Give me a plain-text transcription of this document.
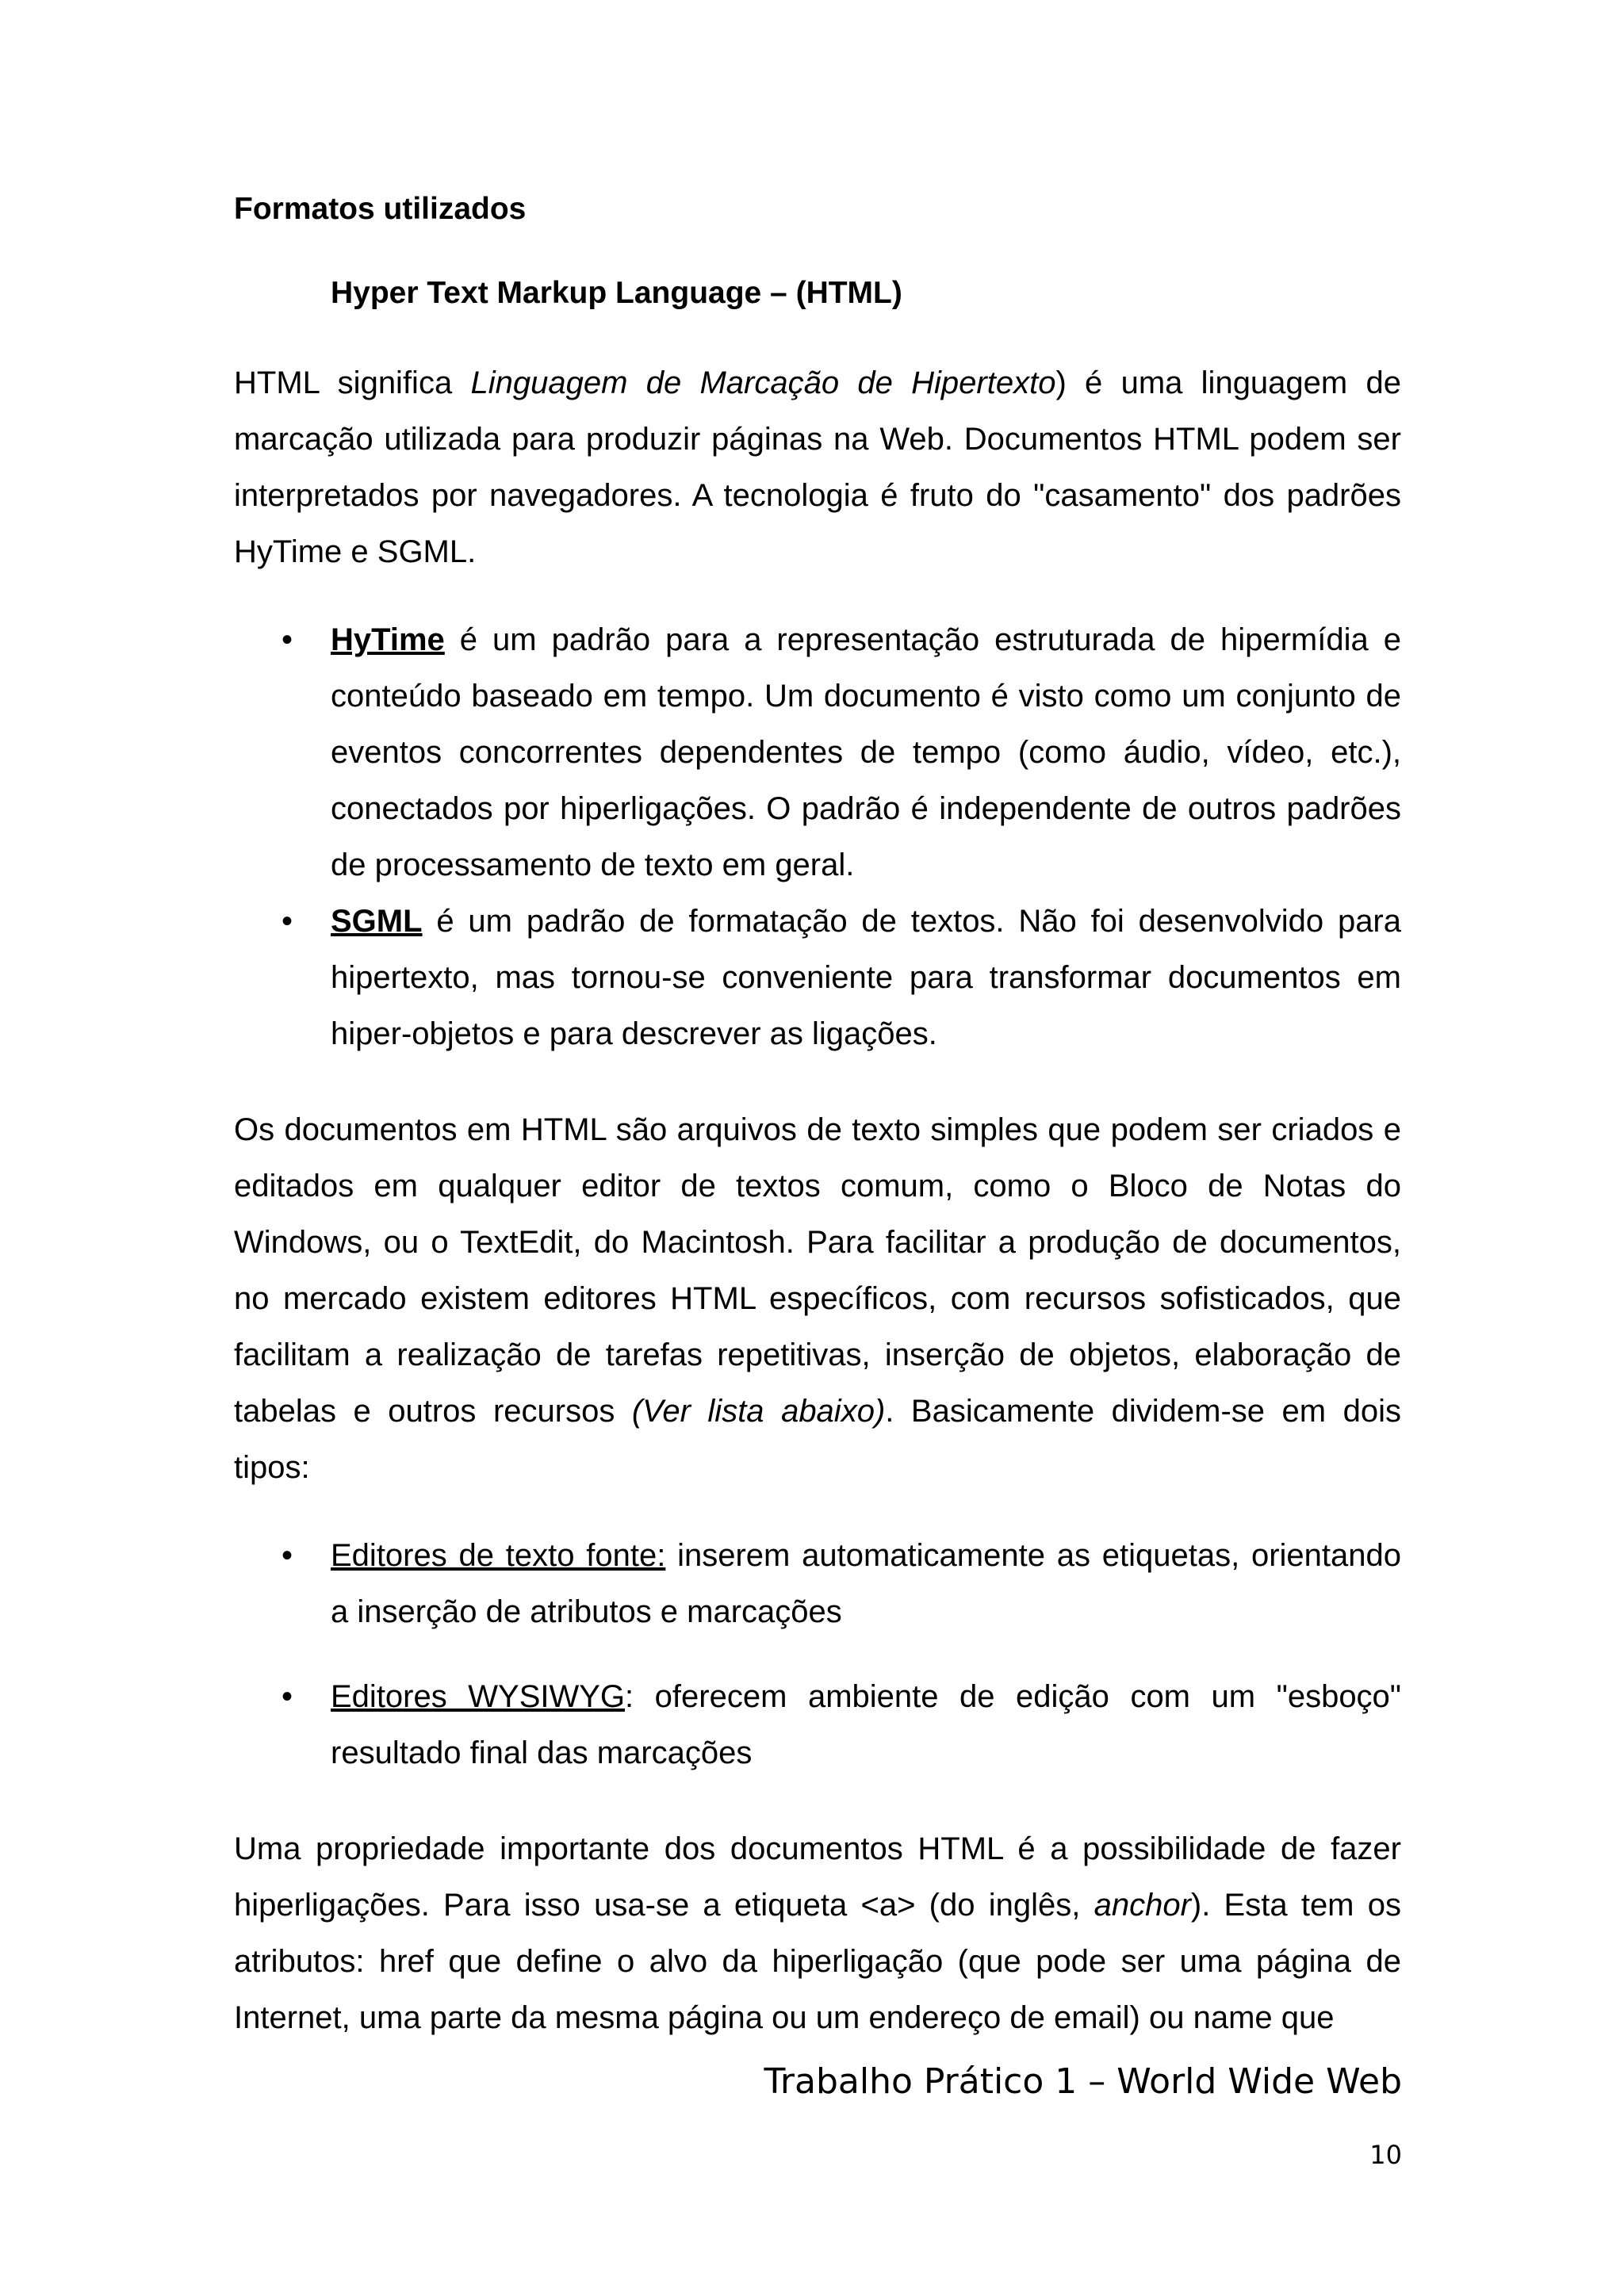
Formatos utilizados
Hyper Text Markup Language – (HTML)

HTML significa Linguagem de Marcação de Hipertexto) é uma linguagem de marcação utilizada para produzir páginas na Web. Documentos HTML podem ser interpretados por navegadores. A tecnologia é fruto do "casamento" dos padrões HyTime e SGML.

• HyTime é um padrão para a representação estruturada de hipermídia e conteúdo baseado em tempo. Um documento é visto como um conjunto de eventos concorrentes dependentes de tempo (como áudio, vídeo, etc.), conectados por hiperligações. O padrão é independente de outros padrões de processamento de texto em geral.
• SGML é um padrão de formatação de textos. Não foi desenvolvido para hipertexto, mas tornou-se conveniente para transformar documentos em hiper-objetos e para descrever as ligações.

Os documentos em HTML são arquivos de texto simples que podem ser criados e editados em qualquer editor de textos comum, como o Bloco de Notas do Windows, ou o TextEdit, do Macintosh. Para facilitar a produção de documentos, no mercado existem editores HTML específicos, com recursos sofisticados, que facilitam a realização de tarefas repetitivas, inserção de objetos, elaboração de tabelas e outros recursos (Ver lista abaixo). Basicamente dividem-se em dois tipos:

• Editores de texto fonte: inserem automaticamente as etiquetas, orientando a inserção de atributos e marcações
• Editores WYSIWYG: oferecem ambiente de edição com um "esboço" resultado final das marcações

Uma propriedade importante dos documentos HTML é a possibilidade de fazer hiperligações. Para isso usa-se a etiqueta <a> (do inglês, anchor). Esta tem os atributos: href que define o alvo da hiperligação (que pode ser uma página de Internet, uma parte da mesma página ou um endereço de email) ou name que

Trabalho Prático 1 – World Wide Web
10
